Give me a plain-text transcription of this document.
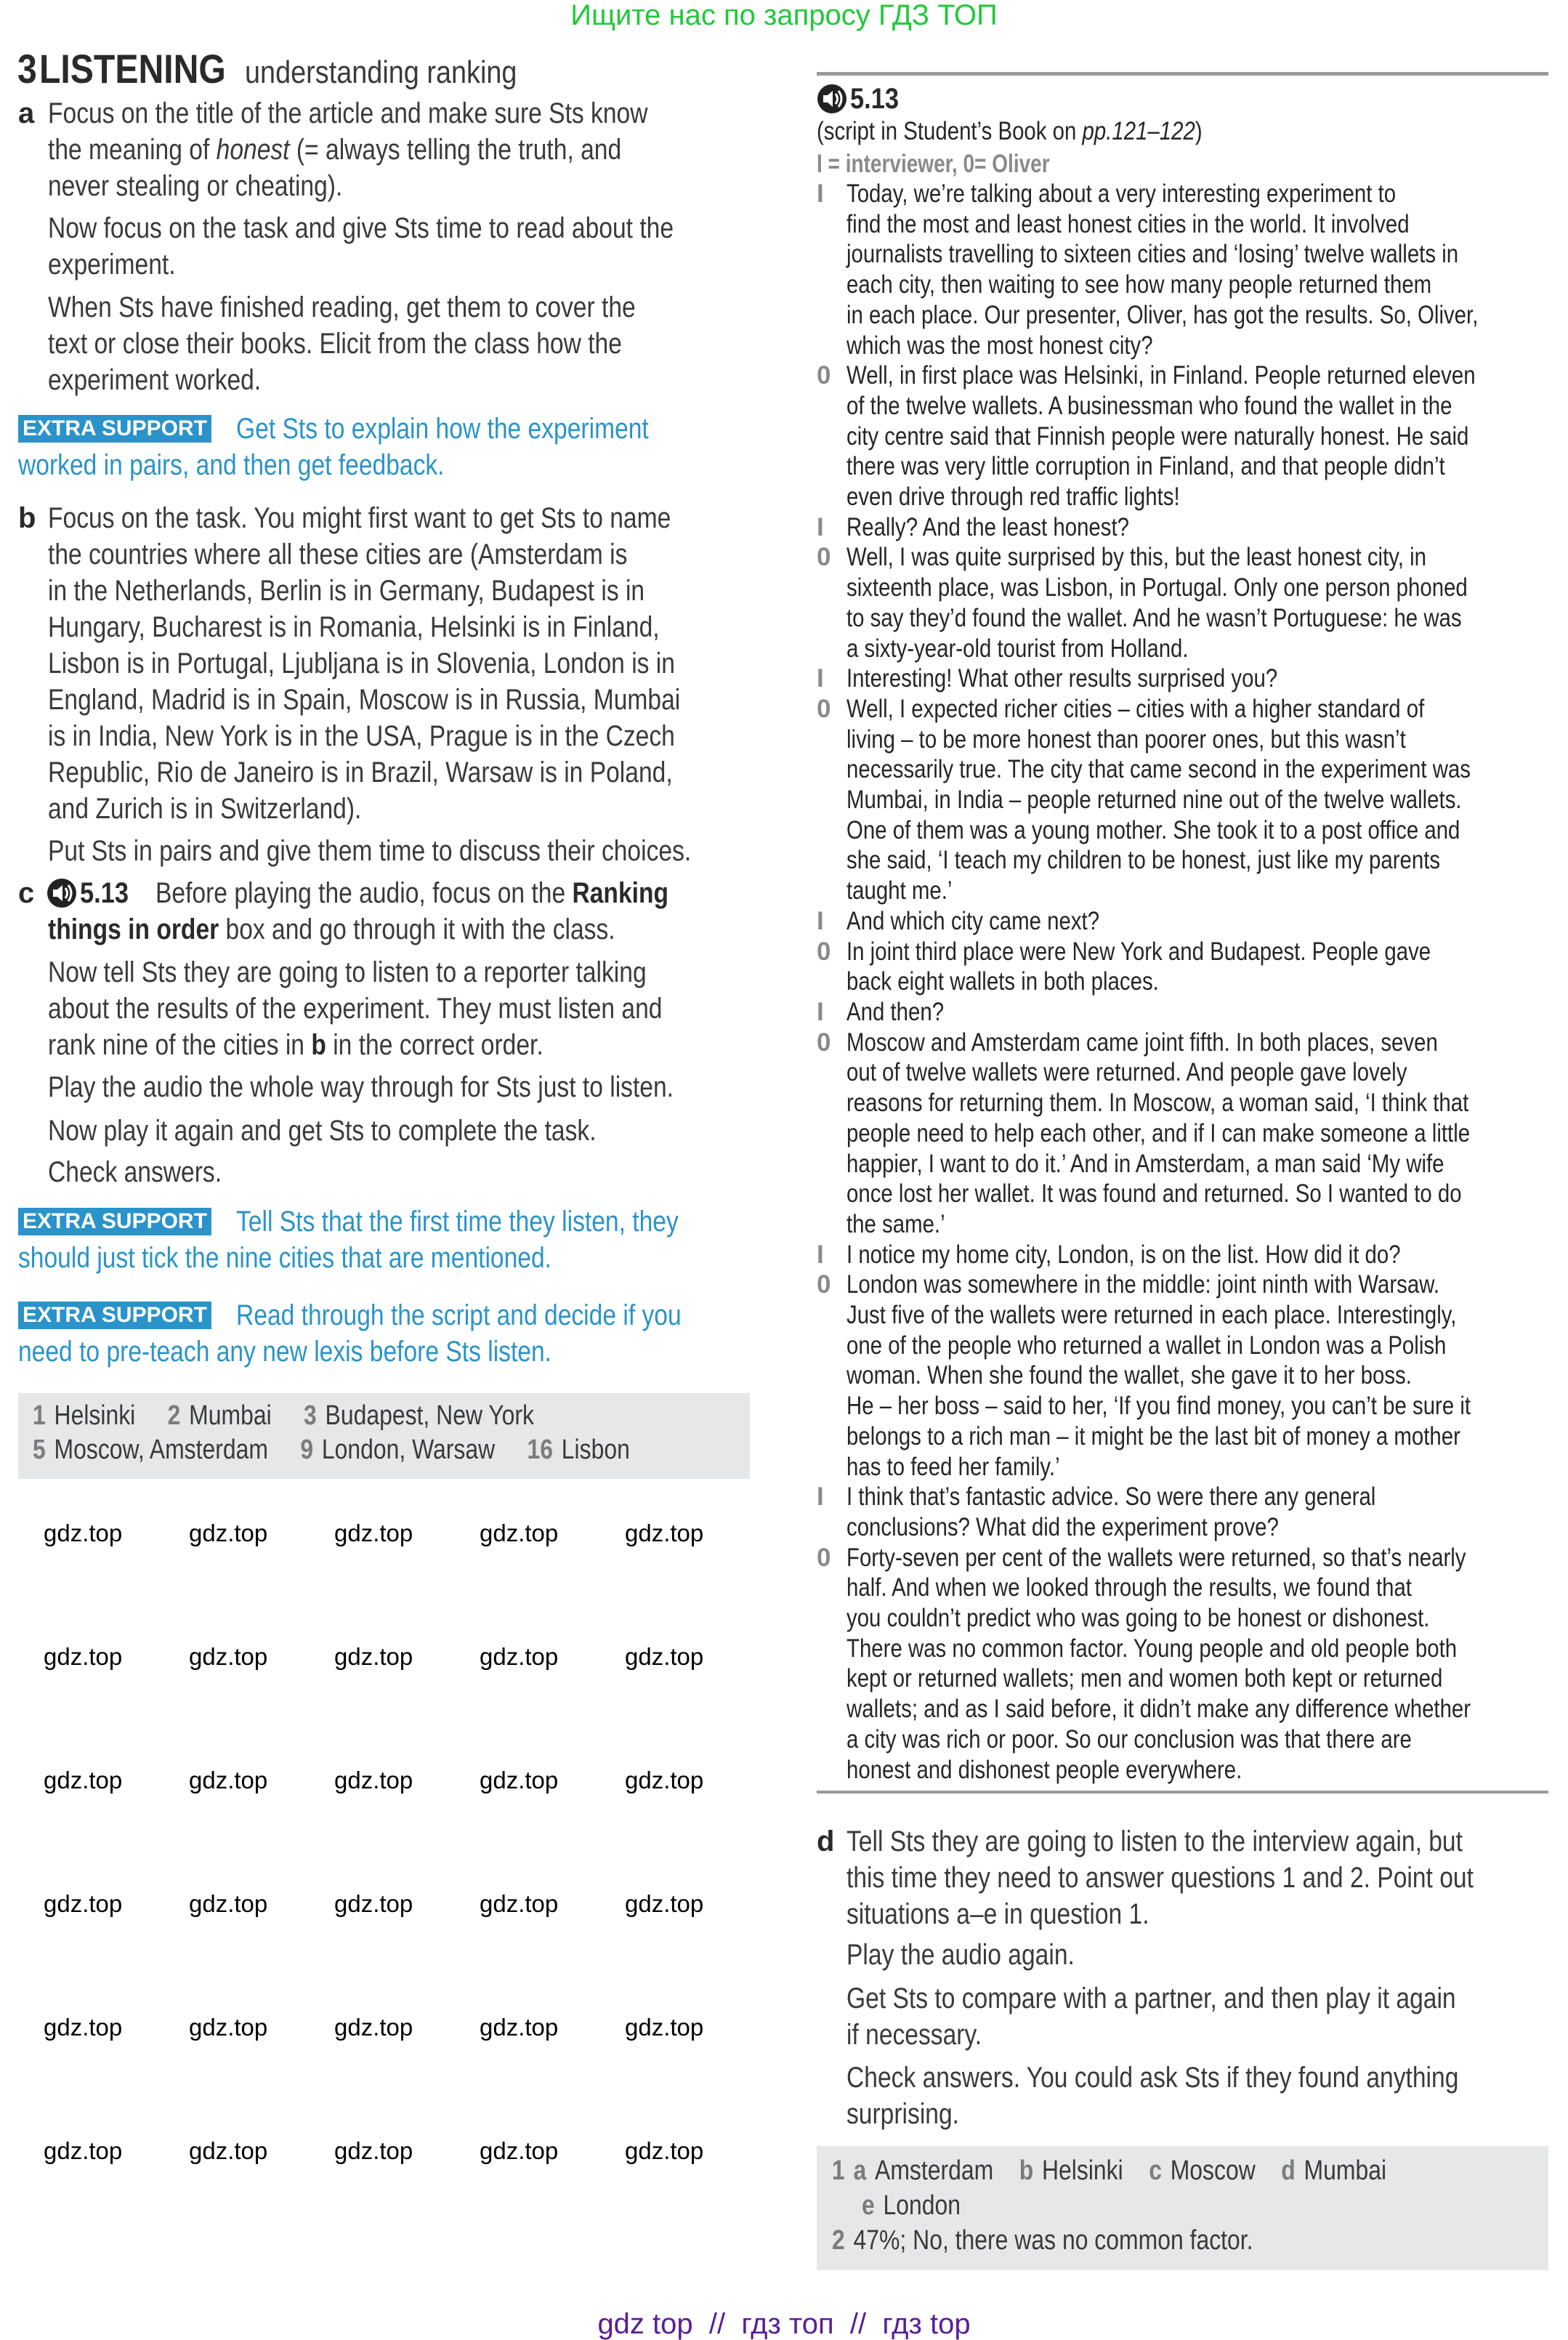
Ищите нас по запросу ГДЗ ТОП
3 LISTENING understanding ranking
a Focus on the title of the article and make sure Sts know
the meaning of honest (= always telling the truth, and
never stealing or cheating).
Now focus on the task and give Sts time to read about the
experiment.
When Sts have finished reading, get them to cover the
text or close their books. Elicit from the class how the
experiment worked.
EXTRA SUPPORT	Get Sts to explain how the experiment
worked in pairs, and then get feedback.
b Focus on the task. You might first want to get Sts to name
the countries where all these cities are (Amsterdam is
in the Netherlands, Berlin is in Germany, Budapest is in
Hungary, Bucharest is in Romania, Helsinki is in Finland,
Lisbon is in Portugal, Ljubljana is in Slovenia, London is in
England, Madrid is in Spain, Moscow is in Russia, Mumbai
is in India, New York is in the USA, Prague is in the Czech
Republic, Rio de Janeiro is in Brazil, Warsaw is in Poland,
and Zurich is in Switzerland).
Put Sts in pairs and give them time to discuss their choices.
c	5.13 Before playing the audio, focus on the Ranking
things in order box and go through it with the class.
Now tell Sts they are going to listen to a reporter talking
about the results of the experiment. They must listen and
rank nine of the cities in b in the correct order.
Play the audio the whole way through for Sts just to listen.
Now play it again and get Sts to complete the task.
Check answers.
EXTRA SUPPORT	Tell Sts that the first time they listen, they
should just tick the nine cities that are mentioned.
EXTRA SUPPORT	Read through the script and decide if you
need to pre-teach any new lexis before Sts listen.
1 Helsinki     2 Mumbai     3 Budapest, New York
5 Moscow, Amsterdam     9 London, Warsaw     16 Lisbon
5.13
(script in Student’s Book on pp.121–122)
I = interviewer, 0= Oliver
I Today, we’re talking about a very interesting experiment to
find the most and least honest cities in the world. It involved
journalists travelling to sixteen cities and ‘losing’ twelve wallets in
each city, then waiting to see how many people returned them
in each place. Our presenter, Oliver, has got the results. So, Oliver,
which was the most honest city?
0 Well, in first place was Helsinki, in Finland. People returned eleven
of the twelve wallets. A businessman who found the wallet in the
city centre said that Finnish people were naturally honest. He said
there was very little corruption in Finland, and that people didn’t
even drive through red traffic lights!
I Really? And the least honest?
0 Well, I was quite surprised by this, but the least honest city, in
sixteenth place, was Lisbon, in Portugal. Only one person phoned
to say they’d found the wallet. And he wasn’t Portuguese: he was
a sixty-year-old tourist from Holland.
I Interesting! What other results surprised you?
0 Well, I expected richer cities – cities with a higher standard of
living – to be more honest than poorer ones, but this wasn’t
necessarily true. The city that came second in the experiment was
Mumbai, in India – people returned nine out of the twelve wallets.
One of them was a young mother. She took it to a post office and
she said, ‘I teach my children to be honest, just like my parents
taught me.’
I And which city came next?
0 In joint third place were New York and Budapest. People gave
back eight wallets in both places.
I And then?
0 Moscow and Amsterdam came joint fifth. In both places, seven
out of twelve wallets were returned. And people gave lovely
reasons for returning them. In Moscow, a woman said, ‘I think that
people need to help each other, and if I can make someone a little
happier, I want to do it.’ And in Amsterdam, a man said ‘My wife
once lost her wallet. It was found and returned. So I wanted to do
the same.’
I I notice my home city, London, is on the list. How did it do?
0 London was somewhere in the middle: joint ninth with Warsaw.
Just five of the wallets were returned in each place. Interestingly,
one of the people who returned a wallet in London was a Polish
woman. When she found the wallet, she gave it to her boss.
He – her boss – said to her, ‘If you find money, you can’t be sure it
belongs to a rich man – it might be the last bit of money a mother
has to feed her family.’
I I think that’s fantastic advice. So were there any general
conclusions? What did the experiment prove?
0 Forty-seven per cent of the wallets were returned, so that’s nearly
half. And when we looked through the results, we found that
you couldn’t predict who was going to be honest or dishonest.
There was no common factor. Young people and old people both
kept or returned wallets; men and women both kept or returned
wallets; and as I said before, it didn’t make any difference whether
a city was rich or poor. So our conclusion was that there are
honest and dishonest people everywhere.
d Tell Sts they are going to listen to the interview again, but
this time they need to answer questions 1 and 2. Point out
situations a–e in question 1.
Play the audio again.
Get Sts to compare with a partner, and then play it again
if necessary.
Check answers. You could ask Sts if they found anything
surprising.
1 a Amsterdam    b Helsinki    c Moscow    d Mumbai
e London
2 47%; No, there was no common factor.
gdz top  //  гдз топ  //  гдз top
gdz.top	gdz.top	gdz.top	gdz.top	gdz.top
gdz.top	gdz.top	gdz.top	gdz.top	gdz.top
gdz.top	gdz.top	gdz.top	gdz.top	gdz.top
gdz.top	gdz.top	gdz.top	gdz.top	gdz.top
gdz.top	gdz.top	gdz.top	gdz.top	gdz.top
gdz.top	gdz.top	gdz.top	gdz.top	gdz.top
